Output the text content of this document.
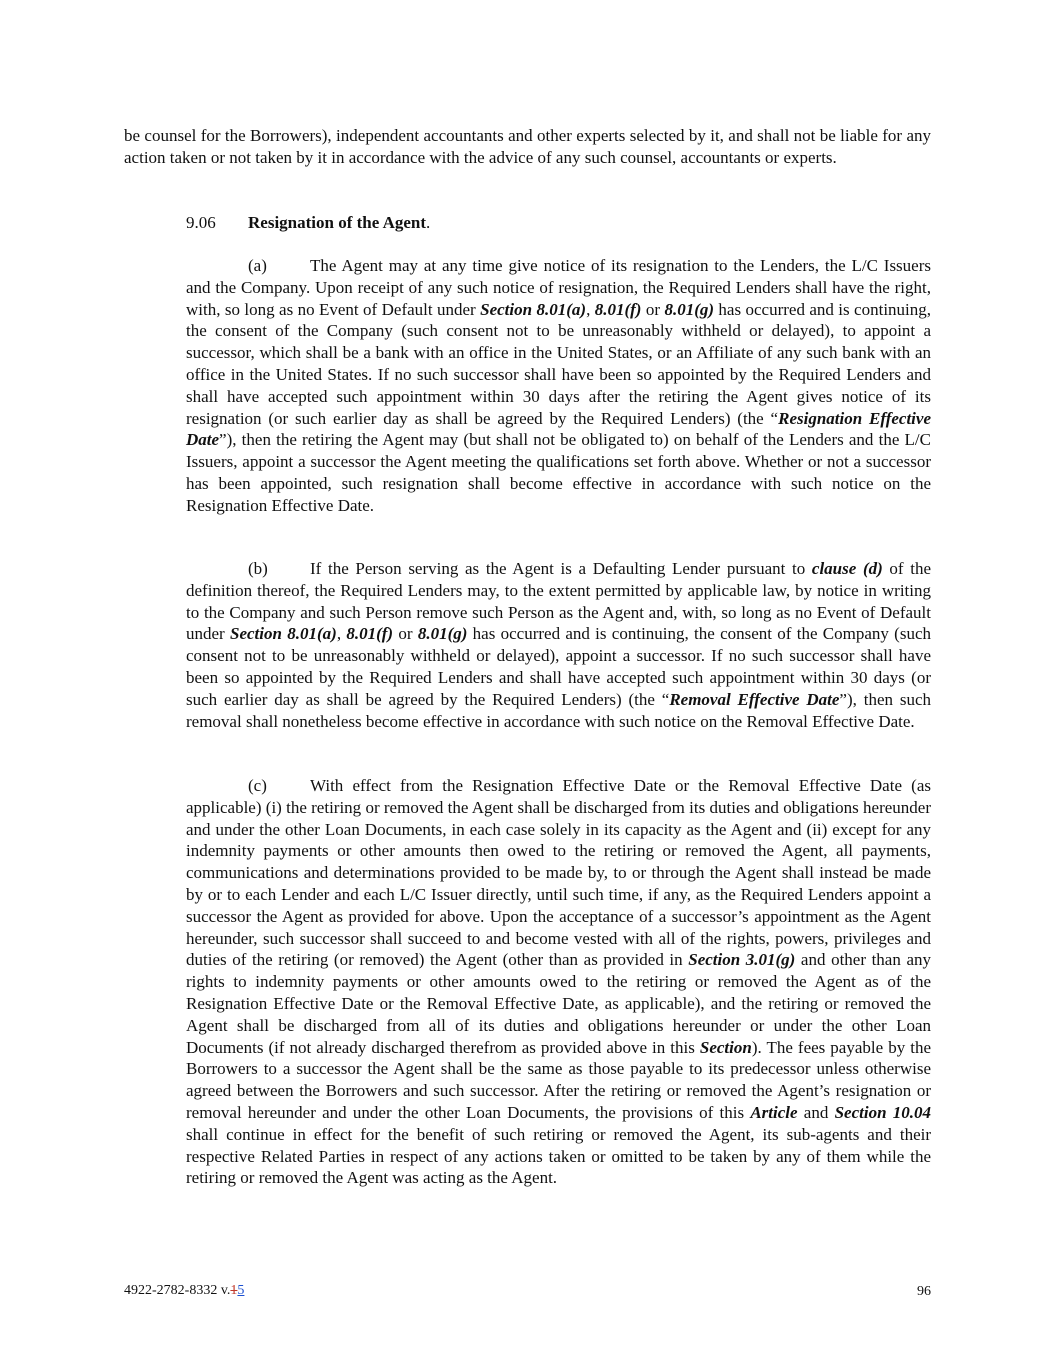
be counsel for the Borrowers), independent accountants and other experts selected by it, and shall not be liable for any action taken or not taken by it in accordance with the advice of any such counsel, accountants or experts.

9.06 Resignation of the Agent.

(a)	The Agent may at any time give notice of its resignation to the Lenders, the L/C Issuers and the Company. Upon receipt of any such notice of resignation, the Required Lenders shall have the right, with, so long as no Event of Default under Section 8.01(a), 8.01(f) or 8.01(g) has occurred and is continuing, the consent of the Company (such consent not to be unreasonably withheld or delayed), to appoint a successor, which shall be a bank with an office in the United States, or an Affiliate of any such bank with an office in the United States. If no such successor shall have been so appointed by the Required Lenders and shall have accepted such appointment within 30 days after the retiring the Agent gives notice of its resignation (or such earlier day as shall be agreed by the Required Lenders) (the “Resignation Effective Date”), then the retiring the Agent may (but shall not be obligated to) on behalf of the Lenders and the L/C Issuers, appoint a successor the Agent meeting the qualifications set forth above. Whether or not a successor has been appointed, such resignation shall become effective in accordance with such notice on the Resignation Effective Date.

(b) If the Person serving as the Agent is a Defaulting Lender pursuant to clause (d) of the definition thereof, the Required Lenders may, to the extent permitted by applicable law, by notice in writing to the Company and such Person remove such Person as the Agent and, with, so long as no Event of Default under Section 8.01(a), 8.01(f) or 8.01(g) has occurred and is continuing, the consent of the Company (such consent not to be unreasonably withheld or delayed), appoint a successor. If no such successor shall have been so appointed by the Required Lenders and shall have accepted such appointment within 30 days (or such earlier day as shall be agreed by the Required Lenders) (the “Removal Effective Date”), then such removal shall nonetheless become effective in accordance with such notice on the Removal Effective Date.

(c)	With effect from the Resignation Effective Date or the Removal Effective Date (as applicable) (i) the retiring or removed the Agent shall be discharged from its duties and obligations hereunder and under the other Loan Documents, in each case solely in its capacity as the Agent and (ii) except for any indemnity payments or other amounts then owed to the retiring or removed the Agent, all payments, communications and determinations provided to be made by, to or through the Agent shall instead be made by or to each Lender and each L/C Issuer directly, until such time, if any, as the Required Lenders appoint a successor the Agent as provided for above. Upon the acceptance of a successor’s appointment as the Agent hereunder, such successor shall succeed to and become vested with all of the rights, powers, privileges and duties of the retiring (or removed) the Agent (other than as provided in Section 3.01(g) and other than any rights to indemnity payments or other amounts owed to the retiring or removed the Agent as of the Resignation Effective Date or the Removal Effective Date, as applicable), and the retiring or removed the Agent shall be discharged from all of its duties and obligations hereunder or under the other Loan Documents (if not already discharged therefrom as provided above in this Section). The fees payable by the Borrowers to a successor the Agent shall be the same as those payable to its predecessor unless otherwise agreed between the Borrowers and such successor. After the retiring or removed the Agent’s resignation or removal hereunder and under the other Loan Documents, the provisions of this Article and Section 10.04 shall continue in effect for the benefit of such retiring or removed the Agent, its sub-agents and their respective Related Parties in respect of any actions taken or omitted to be taken by any of them while the retiring or removed the Agent was acting as the Agent.

4922-2782-8332 v.15	96
